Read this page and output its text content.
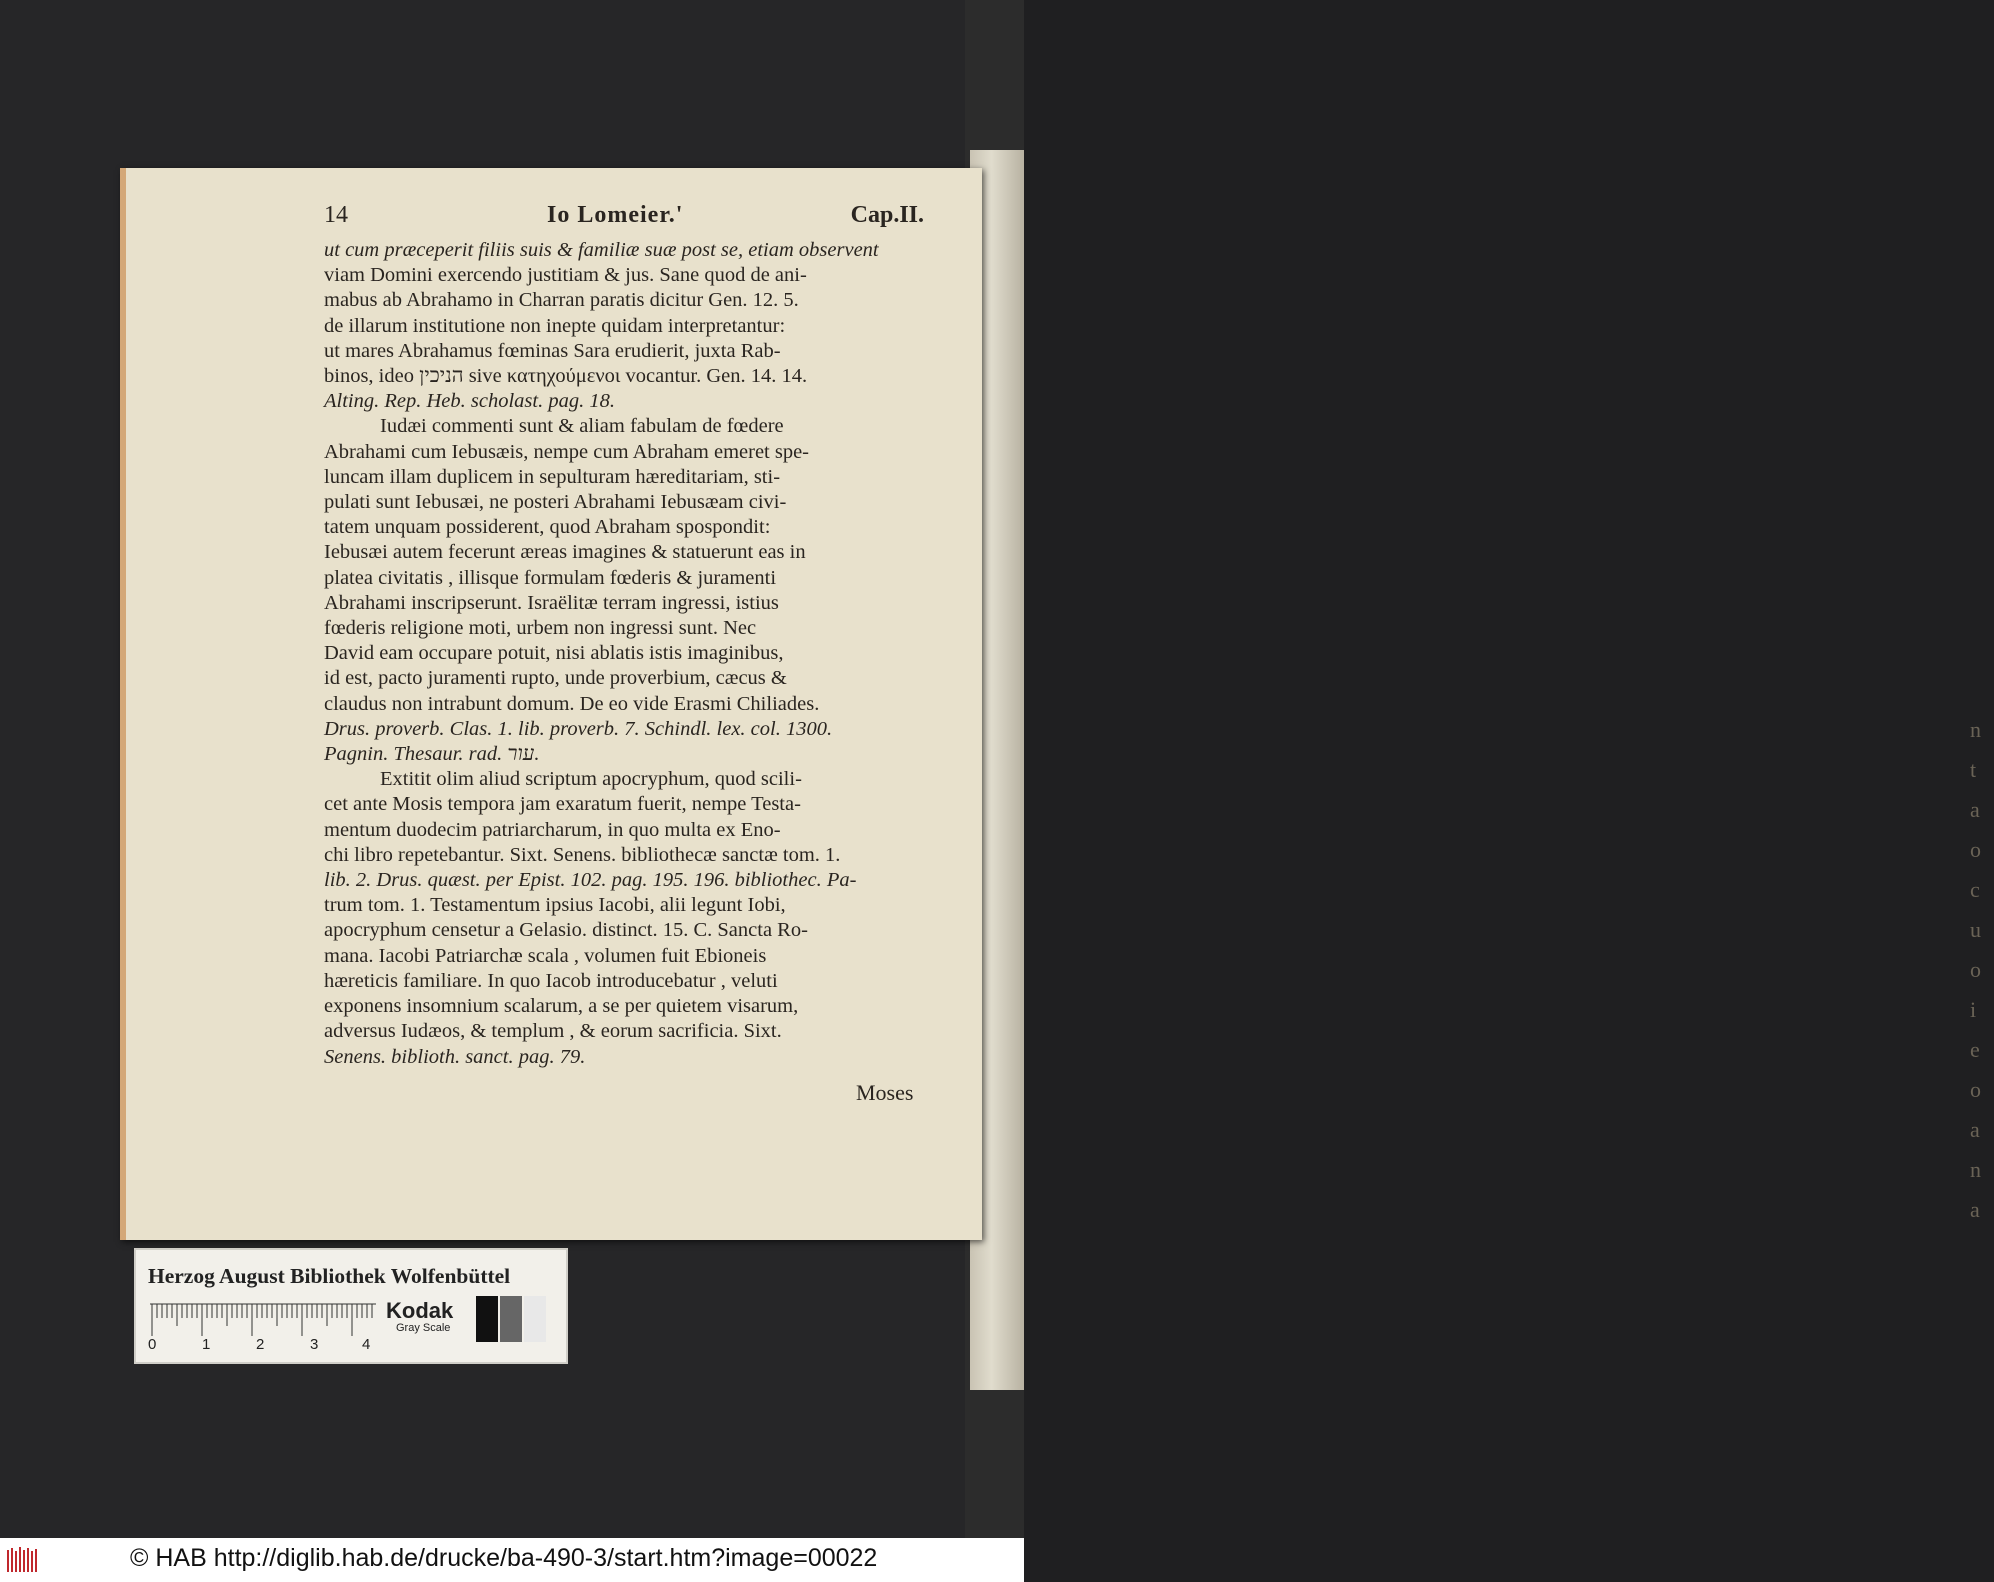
n
t
a
o
c
u
o
i
e
o
a
n
a
14	Io Lomeier.'	Cap.II.
ut cum præceperit filiis suis & familiæ suæ post se, etiam observent
viam Domini exercendo justitiam & jus. Sane quod de ani-
mabus ab Abrahamo in Charran paratis dicitur Gen. 12. 5.
de illarum institutione non inepte quidam interpretantur:
ut mares Abrahamus fœminas Sara erudierit, juxta Rab-
binos, ideo הניכין sive κατηχούμενοι vocantur. Gen. 14. 14.
Alting. Rep. Heb. scholast. pag. 18.
Iudæi commenti sunt & aliam fabulam de fœdere
Abrahami cum Iebusæis, nempe cum Abraham emeret spe-
luncam illam duplicem in sepulturam hæreditariam, sti-
pulati sunt Iebusæi, ne posteri Abrahami Iebusæam civi-
tatem unquam possiderent, quod Abraham spospondit:
Iebusæi autem fecerunt æreas imagines & statuerunt eas in
platea civitatis , illisque formulam fœderis & juramenti
Abrahami inscripserunt. Israëlitæ terram ingressi, istius
fœderis religione moti, urbem non ingressi sunt. Nec
David eam occupare potuit, nisi ablatis istis imaginibus,
id est, pacto juramenti rupto, unde proverbium, cæcus &
claudus non intrabunt domum. De eo vide Erasmi Chiliades.
Drus. proverb. Clas. 1. lib. proverb. 7. Schindl. lex. col. 1300.
Pagnin. Thesaur. rad. עור.
Extitit olim aliud scriptum apocryphum, quod scili-
cet ante Mosis tempora jam exaratum fuerit, nempe Testa-
mentum duodecim patriarcharum, in quo multa ex Eno-
chi libro repetebantur. Sixt. Senens. bibliothecæ sanctæ tom. 1.
lib. 2. Drus. quæst. per Epist. 102. pag. 195. 196. bibliothec. Pa-
trum tom. 1. Testamentum ipsius Iacobi, alii legunt Iobi,
apocryphum censetur a Gelasio. distinct. 15. C. Sancta Ro-
mana. Iacobi Patriarchæ scala , volumen fuit Ebioneis
hæreticis familiare. In quo Iacob introducebatur , veluti
exponens insomnium scalarum, a se per quietem visarum,
adversus Iudæos, & templum , & eorum sacrificia. Sixt.
Senens. biblioth. sanct. pag. 79.
Moses
Herzog August Bibliothek Wolfenbüttel
0	1	2	3	4
Kodak
Gray Scale
© HAB http://diglib.hab.de/drucke/ba-490-3/start.htm?image=00022
